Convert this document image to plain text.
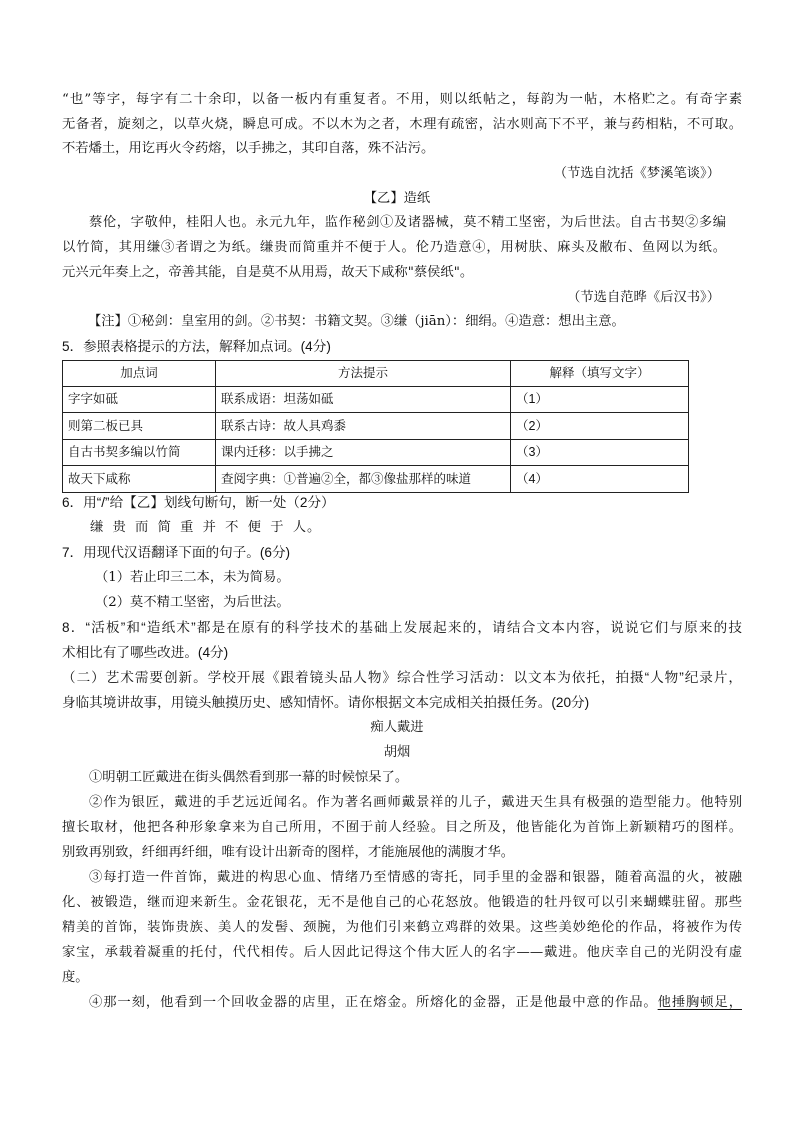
“也”等字，每字有二十余印，以备一板内有重复者。不用，则以纸帖之，每韵为一帖，木格贮之。有奇字素
无备者，旋刻之，以草火烧，瞬息可成。不以木为之者，木理有疏密，沾水则高下不平，兼与药相粘，不可取。
不若燔土，用讫再火令药熔，以手拂之，其印自落，殊不沾污。
（节选自沈括《梦溪笔谈》）
【乙】造纸
蔡伦，字敬仲，桂阳人也。永元九年，监作秘剑①及诸器械，莫不精工坚密，为后世法。自古书契②多编
以竹简，其用缣③者谓之为纸。缣贵而简重并不便于人。伦乃造意④，用树肤、麻头及敝布、鱼网以为纸。
元兴元年奏上之，帝善其能，自是莫不从用焉，故天下咸称"蔡侯纸"。
（节选自范晔《后汉书》）
【注】①秘剑：皇室用的剑。②书契：书籍文契。③缣（jiān）：细绢。④造意：想出主意。
5．参照表格提示的方法，解释加点词。(4分)
加点词	方法提示	解释（填写文字）
字字如砥	联系成语：坦荡如砥	（1）
则第二板已具	联系古诗：故人具鸡黍	（2）
自古书契多编以竹简	课内迁移：以手拂之	（3）
故天下咸称	查阅字典：①普遍②全，都③像盐那样的味道	（4）
6．用“/”给【乙】划线句断句，断一处（2分）
缣 贵 而 简 重 并 不 便 于 人。
7．用现代汉语翻译下面的句子。(6分)
（1）若止印三二本，未为简易。
（2）莫不精工坚密，为后世法。
8．“活板”和“造纸术”都是在原有的科学技术的基础上发展起来的，请结合文本内容，说说它们与原来的技
术相比有了哪些改进。(4分)
（二）艺术需要创新。学校开展《跟着镜头品人物》综合性学习活动：以文本为依托，拍摄“人物”纪录片，
身临其境讲故事，用镜头触摸历史、感知情怀。请你根据文本完成相关拍摄任务。(20分)
痴人戴进
胡烟
①明朝工匠戴进在街头偶然看到那一幕的时候惊呆了。
②作为银匠，戴进的手艺远近闻名。作为著名画师戴景祥的儿子，戴进天生具有极强的造型能力。他特别
擅长取材，他把各种形象拿来为自己所用，不囿于前人经验。目之所及，他皆能化为首饰上新颖精巧的图样。
别致再别致，纤细再纤细，唯有设计出新奇的图样，才能施展他的满腹才华。
③每打造一件首饰，戴进的构思心血、情绪乃至情感的寄托，同手里的金器和银器，随着高温的火，被融
化、被锻造，继而迎来新生。金花银花，无不是他自己的心花怒放。他锻造的牡丹钗可以引来蝴蝶驻留。那些
精美的首饰，装饰贵族、美人的发髻、颈腕，为他们引来鹤立鸡群的效果。这些美妙绝伦的作品，将被作为传
家宝，承载着凝重的托付，代代相传。后人因此记得这个伟大匠人的名字——戴进。他庆幸自己的光阴没有虚
度。
④那一刻，他看到一个回收金器的店里，正在熔金。所熔化的金器，正是他最中意的作品。他捶胸顿足，
